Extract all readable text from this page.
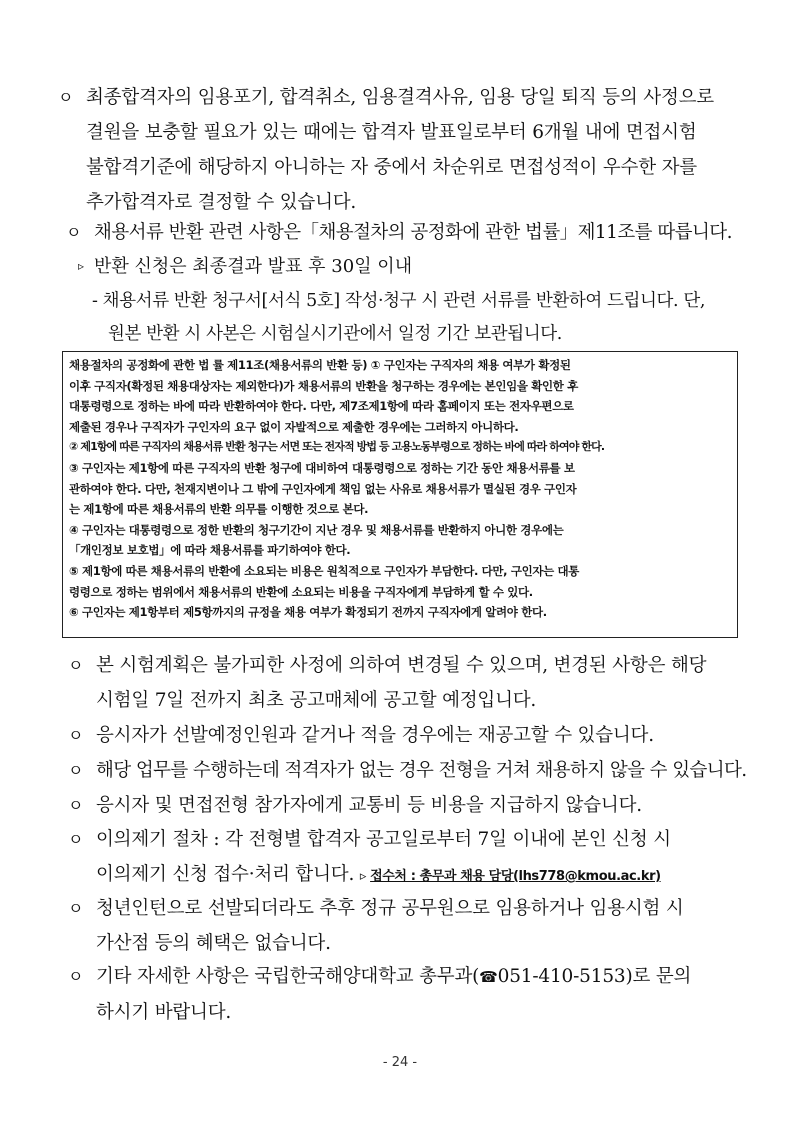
ㅇ 최종합격자의 임용포기, 합격취소, 임용결격사유, 임용 당일 퇴직 등의 사정으로
결원을 보충할 필요가 있는 때에는 합격자 발표일로부터 6개월 내에 면접시험
불합격기준에 해당하지 아니하는 자 중에서 차순위로 면접성적이 우수한 자를
추가합격자로 결정할 수 있습니다.
ㅇ 채용서류 반환 관련 사항은「채용절차의 공정화에 관한 법률」제11조를 따릅니다.
▹ 반환 신청은 최종결과 발표 후 30일 이내
- 채용서류 반환 청구서[서식 5호] 작성·청구 시 관련 서류를 반환하여 드립니다. 단,
원본 반환 시 사본은 시험실시기관에서 일정 기간 보관됩니다.
채용절차의 공정화에 관한 법 률 제11조(채용서류의 반환 등) ① 구인자는 구직자의 채용 여부가 확정된
이후 구직자(확정된 채용대상자는 제외한다)가 채용서류의 반환을 청구하는 경우에는 본인임을 확인한 후
대통령령으로 정하는 바에 따라 반환하여야 한다. 다만, 제7조제1항에 따라 홈페이지 또는 전자우편으로
제출된 경우나 구직자가 구인자의 요구 없이 자발적으로 제출한 경우에는 그러하지 아니하다.
② 제1항에 따른 구직자의 채용서류 반환 청구는 서면 또는 전자적 방법 등 고용노동부령으로 정하는 바에 따라 하여야 한다.
③ 구인자는 제1항에 따른 구직자의 반환 청구에 대비하여 대통령령으로 정하는 기간 동안 채용서류를 보
관하여야 한다. 다만, 천재지변이나 그 밖에 구인자에게 책임 없는 사유로 채용서류가 멸실된 경우 구인자
는 제1항에 따른 채용서류의 반환 의무를 이행한 것으로 본다.
④ 구인자는 대통령령으로 정한 반환의 청구기간이 지난 경우 및 채용서류를 반환하지 아니한 경우에는
「개인정보 보호법」에 따라 채용서류를 파기하여야 한다.
⑤ 제1항에 따른 채용서류의 반환에 소요되는 비용은 원칙적으로 구인자가 부담한다. 다만, 구인자는 대통
령령으로 정하는 범위에서 채용서류의 반환에 소요되는 비용을 구직자에게 부담하게 할 수 있다.
⑥ 구인자는 제1항부터 제5항까지의 규정을 채용 여부가 확정되기 전까지 구직자에게 알려야 한다.
ㅇ 본 시험계획은 불가피한 사정에 의하여 변경될 수 있으며, 변경된 사항은 해당
시험일 7일 전까지 최초 공고매체에 공고할 예정입니다.
ㅇ 응시자가 선발예정인원과 같거나 적을 경우에는 재공고할 수 있습니다.
ㅇ 해당 업무를 수행하는데 적격자가 없는 경우 전형을 거쳐 채용하지 않을 수 있습니다.
ㅇ 응시자 및 면접전형 참가자에게 교통비 등 비용을 지급하지 않습니다.
ㅇ 이의제기 절차 : 각 전형별 합격자 공고일로부터 7일 이내에 본인 신청 시
이의제기 신청 접수·처리 합니다. ▹ 접수처 : 총무과 채용 담당(lhs778@kmou.ac.kr)
ㅇ 청년인턴으로 선발되더라도 추후 정규 공무원으로 임용하거나 임용시험 시
가산점 등의 혜택은 없습니다.
ㅇ 기타 자세한 사항은 국립한국해양대학교 총무과(☎051-410-5153)로 문의
하시기 바랍니다.
- 24 -
